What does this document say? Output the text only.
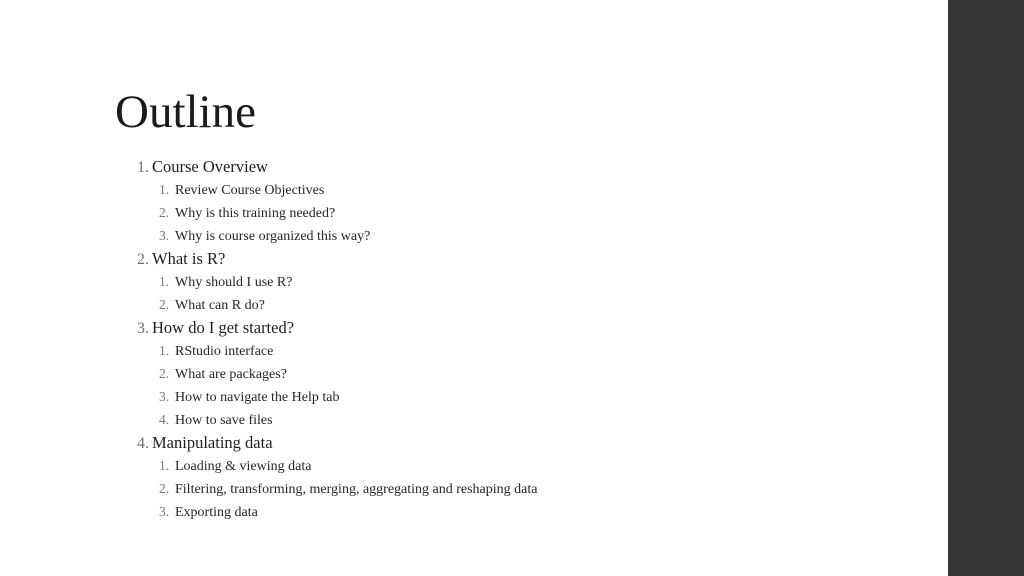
Outline
1. Course Overview
1. Review Course Objectives
2. Why is this training needed?
3. Why is course organized this way?
2. What is R?
1. Why should I use R?
2. What can R do?
3. How do I get started?
1. RStudio interface
2. What are packages?
3. How to navigate the Help tab
4. How to save files
4. Manipulating data
1. Loading & viewing data
2. Filtering, transforming, merging, aggregating and reshaping data
3. Exporting data
